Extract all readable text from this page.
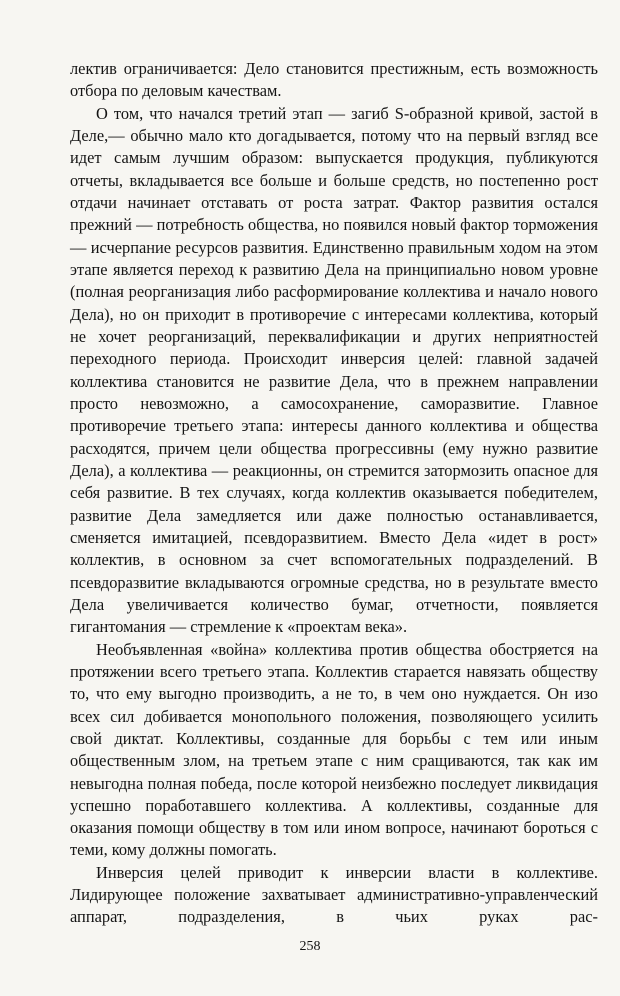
лектив ограничивается: Дело становится престижным, есть возможность отбора по деловым качествам.

О том, что начался третий этап — загиб S-образной кривой, застой в Деле,— обычно мало кто догадывается, потому что на первый взгляд все идет самым лучшим образом: выпускается продукция, публикуются отчеты, вкладывается все больше и больше средств, но постепенно рост отдачи начинает отставать от роста затрат. Фактор развития остался прежний — потребность общества, но появился новый фактор торможения — исчерпание ресурсов развития. Единственно правильным ходом на этом этапе является переход к развитию Дела на принципиально новом уровне (полная реорганизация либо расформирование коллектива и начало нового Дела), но он приходит в противоречие с интересами коллектива, который не хочет реорганизаций, переквалификации и других неприятностей переходного периода. Происходит инверсия целей: главной задачей коллектива становится не развитие Дела, что в прежнем направлении просто невозможно, а самосохранение, саморазвитие. Главное противоречие третьего этапа: интересы данного коллектива и общества расходятся, причем цели общества прогрессивны (ему нужно развитие Дела), а коллектива — реакционны, он стремится затормозить опасное для себя развитие. В тех случаях, когда коллектив оказывается победителем, развитие Дела замедляется или даже полностью останавливается, сменяется имитацией, псевдоразвитием. Вместо Дела «идет в рост» коллектив, в основном за счет вспомогательных подразделений. В псевдоразвитие вкладываются огромные средства, но в результате вместо Дела увеличивается количество бумаг, отчетности, появляется гигантомания — стремление к «проектам века».

Необъявленная «война» коллектива против общества обостряется на протяжении всего третьего этапа. Коллектив старается навязать обществу то, что ему выгодно производить, а не то, в чем оно нуждается. Он изо всех сил добивается монопольного положения, позволяющего усилить свой диктат. Коллективы, созданные для борьбы с тем или иным общественным злом, на третьем этапе с ним сращиваются, так как им невыгодна полная победа, после которой неизбежно последует ликвидация успешно поработавшего коллектива. А коллективы, созданные для оказания помощи обществу в том или ином вопросе, начинают бороться с теми, кому должны помогать.

Инверсия целей приводит к инверсии власти в коллективе. Лидирующее положение захватывает административно-управленческий аппарат, подразделения, в чьих руках рас-

258
